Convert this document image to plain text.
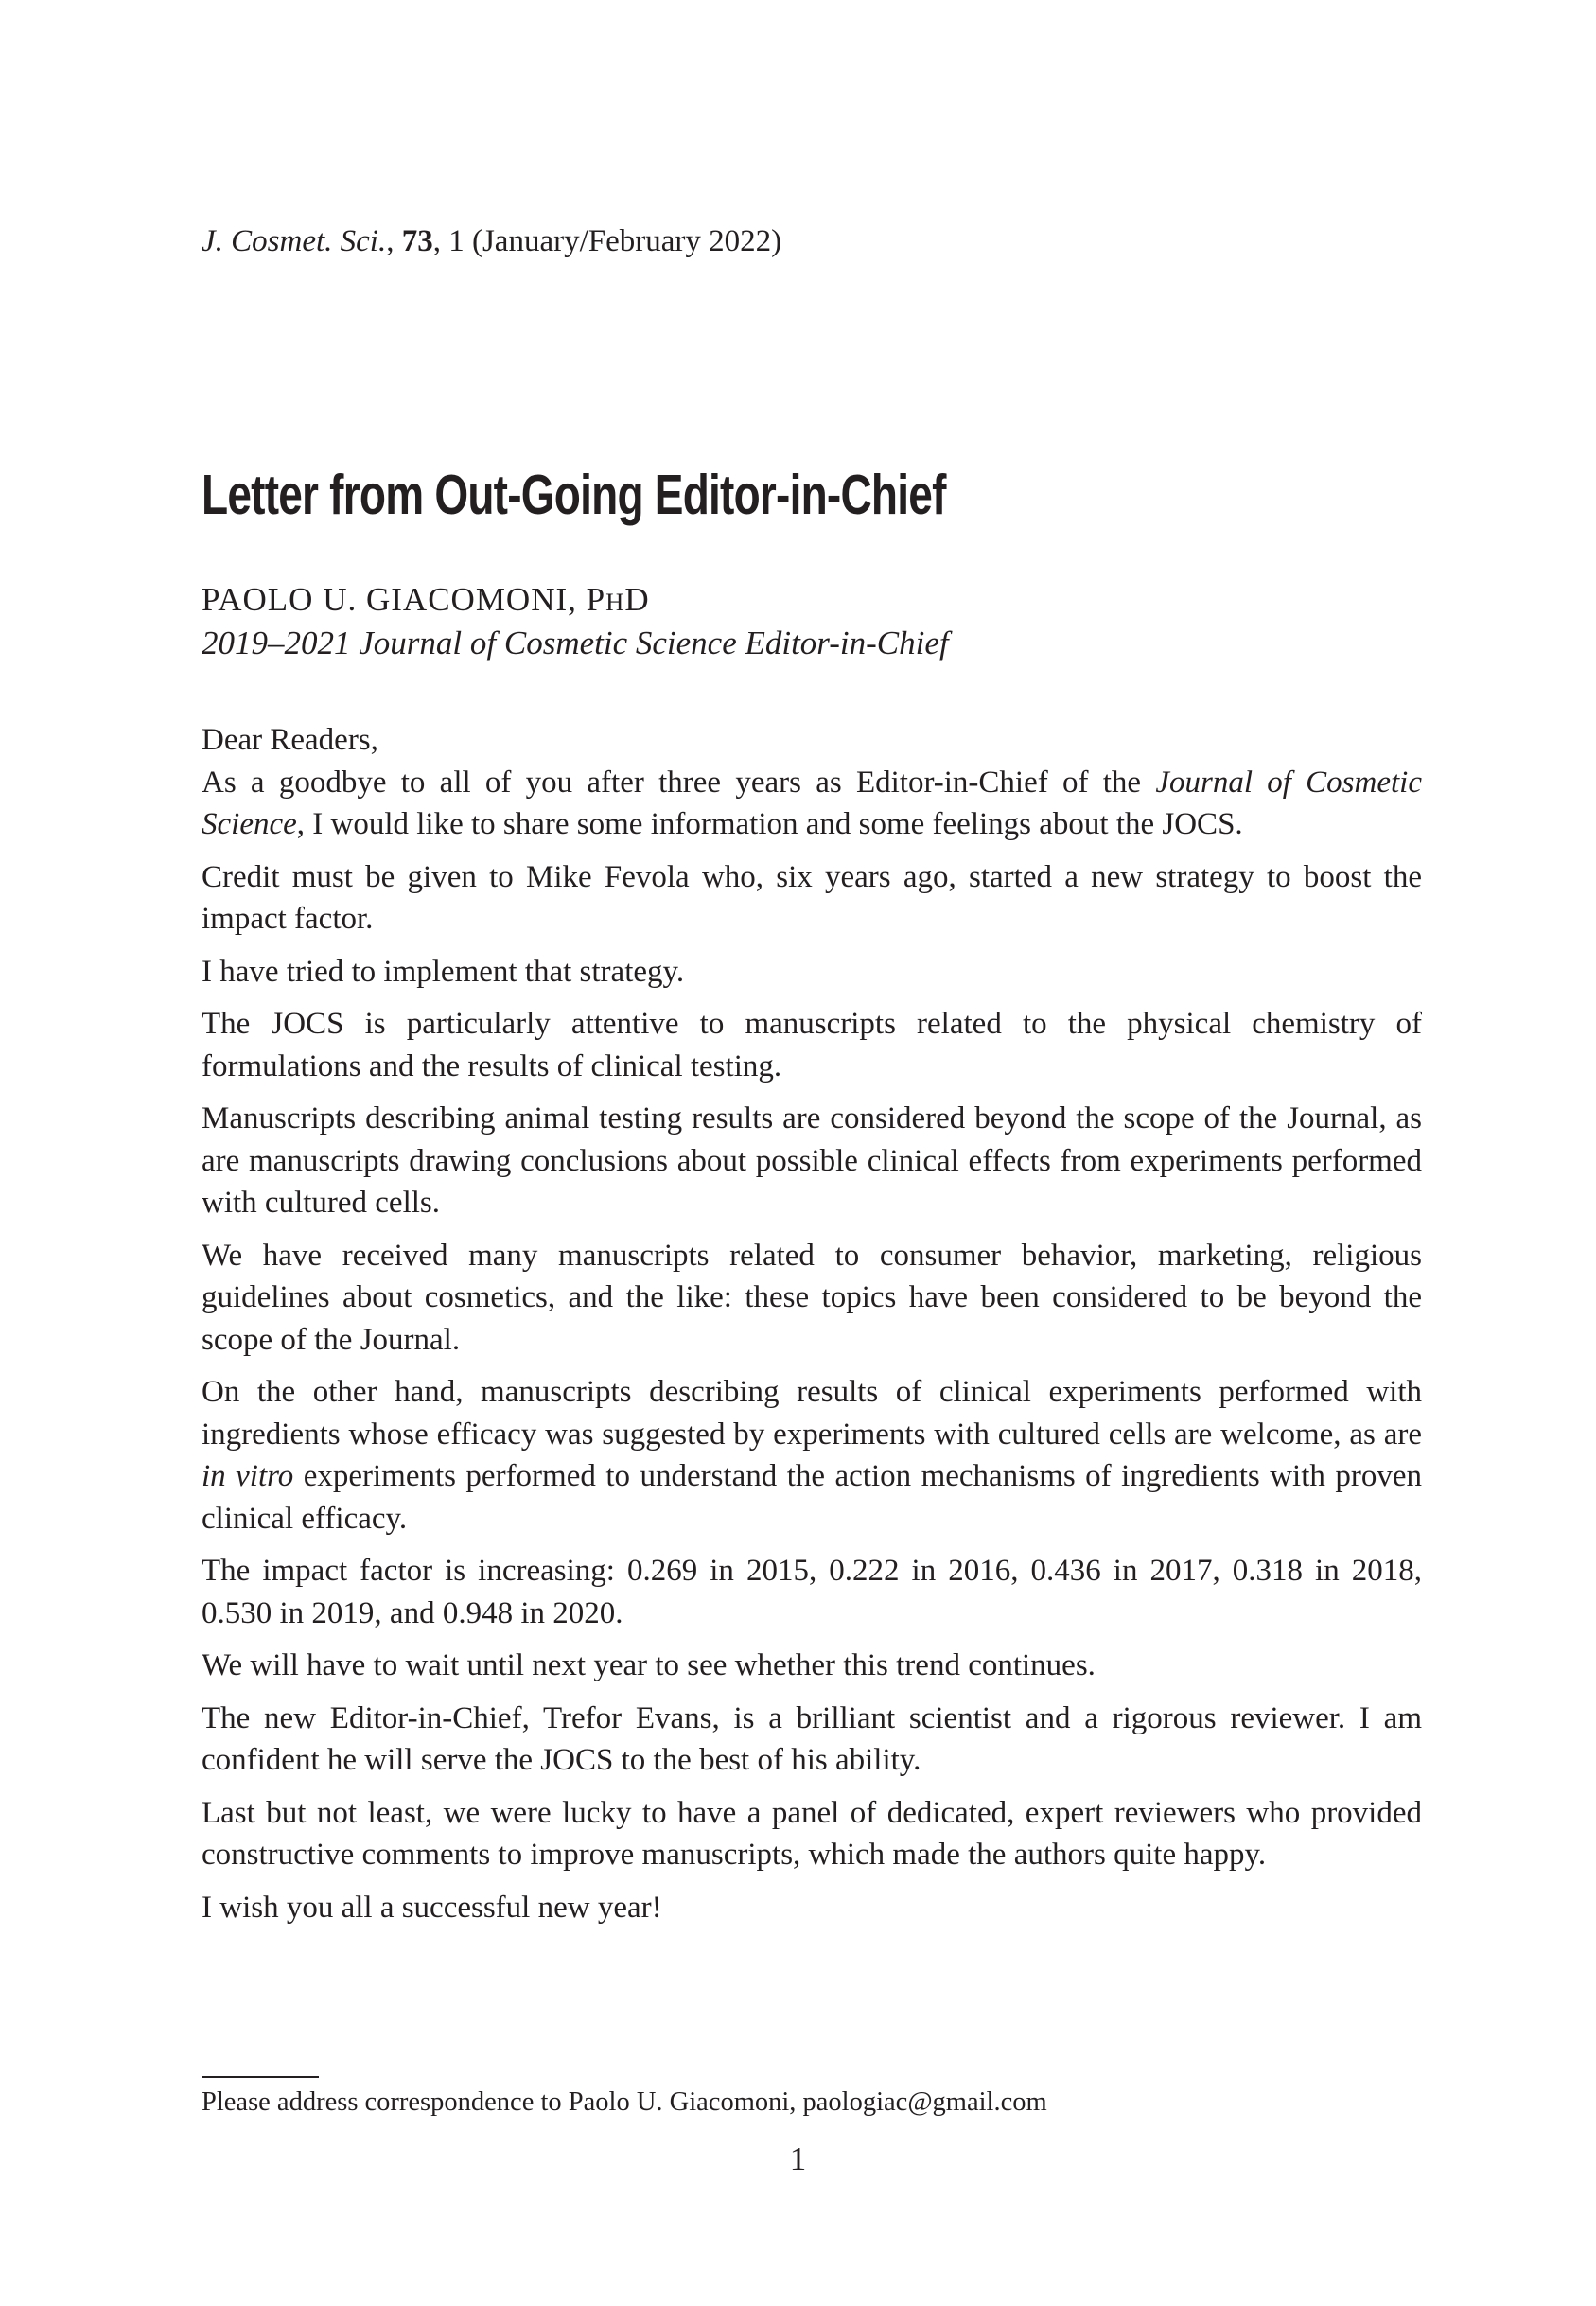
J. Cosmet. Sci., 73, 1 (January/February 2022)
Letter from Out-Going Editor-in-Chief
PAOLO U. GIACOMONI, PHD
2019–2021 Journal of Cosmetic Science Editor-in-Chief

Dear Readers,

As a goodbye to all of you after three years as Editor-in-Chief of the Journal of Cosmetic Science, I would like to share some information and some feelings about the JOCS.

Credit must be given to Mike Fevola who, six years ago, started a new strategy to boost the impact factor.

I have tried to implement that strategy.

The JOCS is particularly attentive to manuscripts related to the physical chemistry of formulations and the results of clinical testing.

Manuscripts describing animal testing results are considered beyond the scope of the Journal, as are manuscripts drawing conclusions about possible clinical effects from experiments performed with cultured cells.

We have received many manuscripts related to consumer behavior, marketing, religious guidelines about cosmetics, and the like: these topics have been considered to be beyond the scope of the Journal.

On the other hand, manuscripts describing results of clinical experiments performed with ingredients whose efficacy was suggested by experiments with cultured cells are welcome, as are in vitro experiments performed to understand the action mechanisms of ingredients with proven clinical efficacy.

The impact factor is increasing: 0.269 in 2015, 0.222 in 2016, 0.436 in 2017, 0.318 in 2018, 0.530 in 2019, and 0.948 in 2020.

We will have to wait until next year to see whether this trend continues.

The new Editor-in-Chief, Trefor Evans, is a brilliant scientist and a rigorous reviewer. I am confident he will serve the JOCS to the best of his ability.

Last but not least, we were lucky to have a panel of dedicated, expert reviewers who provided constructive comments to improve manuscripts, which made the authors quite happy.

I wish you all a successful new year!

Please address correspondence to Paolo U. Giacomoni, paologiac@gmail.com
1
